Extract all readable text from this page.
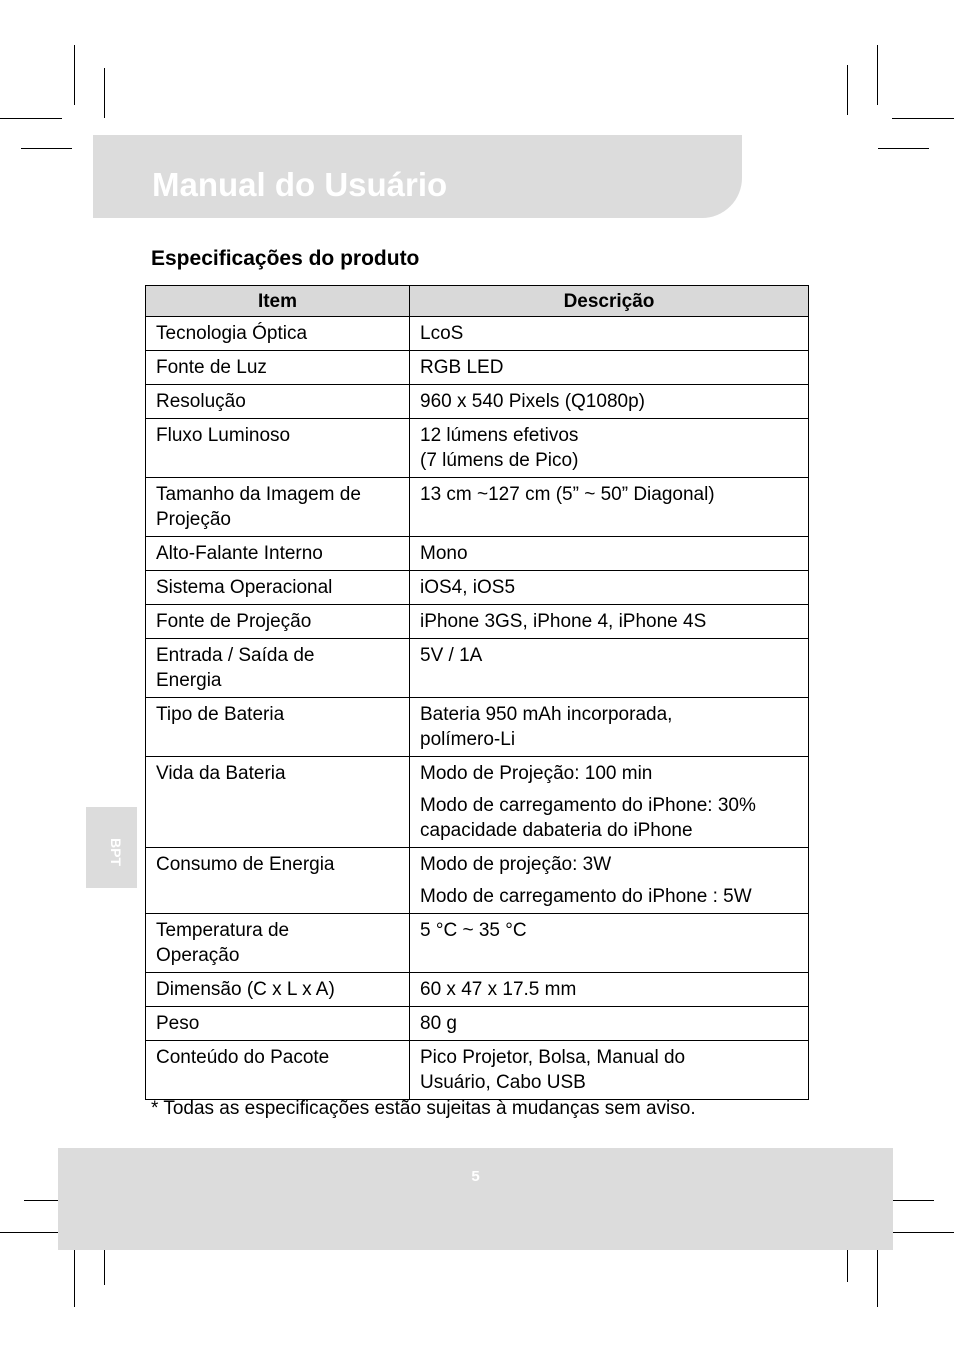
Manual do Usuário
Especificações do produto
Item	Descrição

Tecnologia Óptica	LcoS

Fonte de Luz	RGB LED

Resolução	960 x 540 Pixels (Q1080p)

Fluxo Luminoso	12 lúmens efetivos
(7 lúmens de Pico)

Tamanho da Imagem de
Projeção	13 cm ~127 cm (5” ~ 50” Diagonal)

Alto-Falante Interno	Mono

Sistema Operacional	iOS4, iOS5

Fonte de Projeção	iPhone 3GS, iPhone 4, iPhone 4S

Entrada / Saída de
Energia	5V / 1A

Tipo de Bateria	Bateria 950 mAh incorporada,
polímero-Li

Vida da Bateria	Modo de Projeção: 100 min
Modo de carregamento do iPhone: 30%
capacidade dabateria do iPhone

Consumo de Energia	Modo de projeção: 3W
Modo de carregamento do iPhone : 5W

Temperatura de
Operação	5 °C ~ 35 °C

Dimensão (C x L x A)	60 x 47 x 17.5 mm

Peso	80 g

Conteúdo do Pacote	Pico Projetor, Bolsa, Manual do
Usuário, Cabo USB
* Todas as especificações estão sujeitas à mudanças sem aviso.
BPT
5
